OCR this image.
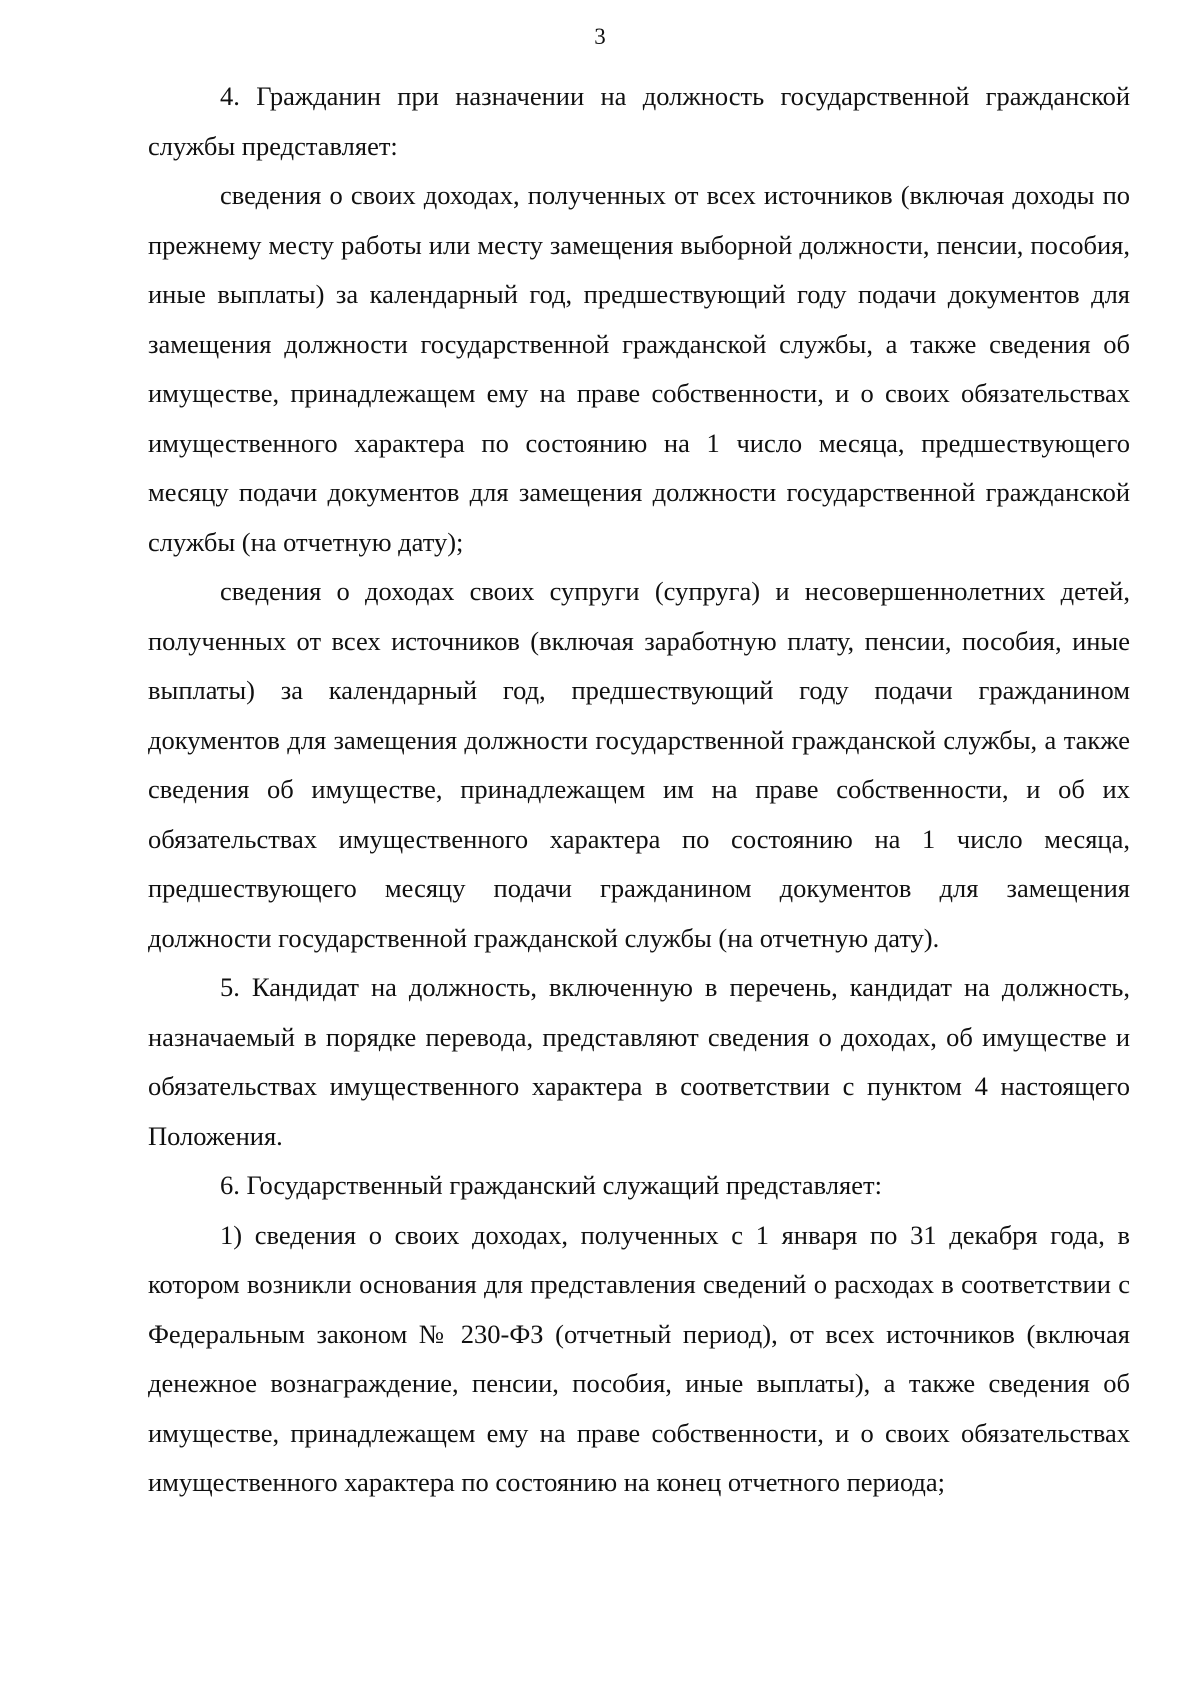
3

4. Гражданин при назначении на должность государственной гражданской службы представляет:

сведения о своих доходах, полученных от всех источников (включая доходы по прежнему месту работы или месту замещения выборной должности, пенсии, пособия, иные выплаты) за календарный год, предшествующий году подачи документов для замещения должности государственной гражданской службы, а также сведения об имуществе, принадлежащем ему на праве собственности, и о своих обязательствах имущественного характера по состоянию на 1 число месяца, предшествующего месяцу подачи документов для замещения должности государственной гражданской службы (на отчетную дату);

сведения о доходах своих супруги (супруга) и несовершеннолетних детей, полученных от всех источников (включая заработную плату, пенсии, пособия, иные выплаты) за календарный год, предшествующий году подачи гражданином документов для замещения должности государственной гражданской службы, а также сведения об имуществе, принадлежащем им на праве собственности, и об их обязательствах имущественного характера по состоянию на 1 число месяца, предшествующего месяцу подачи гражданином документов для замещения должности государственной гражданской службы (на отчетную дату).

5. Кандидат на должность, включенную в перечень, кандидат на должность, назначаемый в порядке перевода, представляют сведения о доходах, об имуществе и обязательствах имущественного характера в соответствии с пунктом 4 настоящего Положения.

6. Государственный гражданский служащий представляет:

1) сведения о своих доходах, полученных с 1 января по 31 декабря года, в котором возникли основания для представления сведений о расходах в соответствии с Федеральным законом № 230-ФЗ (отчетный период), от всех источников (включая денежное вознаграждение, пенсии, пособия, иные выплаты), а также сведения об имуществе, принадлежащем ему на праве собственности, и о своих обязательствах имущественного характера по состоянию на конец отчетного периода;
